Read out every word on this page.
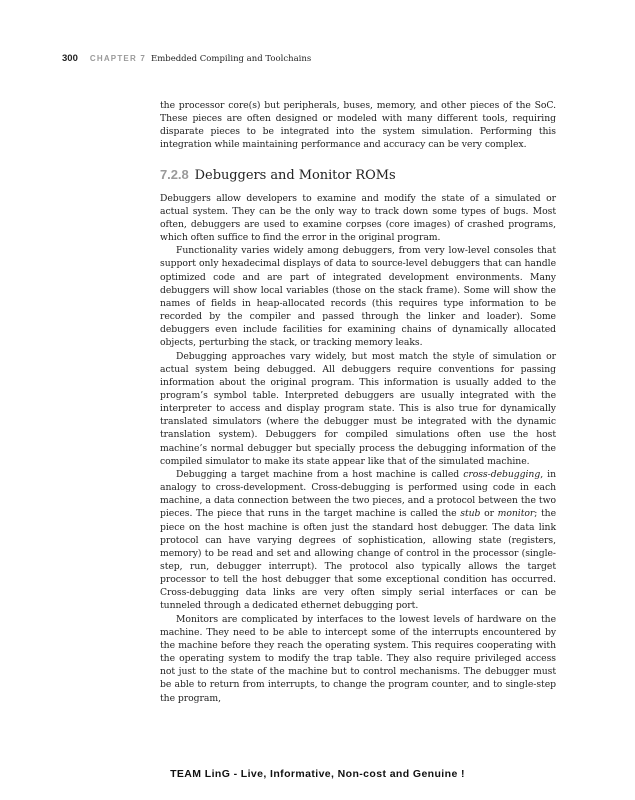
300 CHAPTER 7 Embedded Compiling and Toolchains

the processor core(s) but peripherals, buses, memory, and other pieces of the SoC. These pieces are often designed or modeled with many different tools, requiring disparate pieces to be integrated into the system simulation. Performing this integration while maintaining performance and accuracy can be very complex.

7.2.8 Debuggers and Monitor ROMs

Debuggers allow developers to examine and modify the state of a simulated or actual system. They can be the only way to track down some types of bugs. Most often, debuggers are used to examine corpses (core images) of crashed programs, which often suffice to find the error in the original program.

Functionality varies widely among debuggers, from very low-level consoles that support only hexadecimal displays of data to source-level debuggers that can handle optimized code and are part of integrated development environments. Many debuggers will show local variables (those on the stack frame). Some will show the names of fields in heap-allocated records (this requires type information to be recorded by the compiler and passed through the linker and loader). Some debuggers even include facilities for examining chains of dynamically allocated objects, perturbing the stack, or tracking memory leaks.

Debugging approaches vary widely, but most match the style of simulation or actual system being debugged. All debuggers require conventions for passing information about the original program. This information is usually added to the program’s symbol table. Interpreted debuggers are usually integrated with the interpreter to access and display program state. This is also true for dynamically translated simulators (where the debugger must be integrated with the dynamic translation system). Debuggers for compiled simulations often use the host machine’s normal debugger but specially process the debugging information of the compiled simulator to make its state appear like that of the simulated machine.

Debugging a target machine from a host machine is called cross-debugging, in analogy to cross-development. Cross-debugging is performed using code in each machine, a data connection between the two pieces, and a protocol between the two pieces. The piece that runs in the target machine is called the stub or monitor; the piece on the host machine is often just the standard host debugger. The data link protocol can have varying degrees of sophistication, allowing state (registers, memory) to be read and set and allowing change of control in the processor (single-step, run, debugger interrupt). The protocol also typically allows the target processor to tell the host debugger that some exceptional condition has occurred. Cross-debugging data links are very often simply serial interfaces or can be tunneled through a dedicated ethernet debugging port.

Monitors are complicated by interfaces to the lowest levels of hardware on the machine. They need to be able to intercept some of the interrupts encountered by the machine before they reach the operating system. This requires cooperating with the operating system to modify the trap table. They also require privileged access not just to the state of the machine but to control mechanisms. The debugger must be able to return from interrupts, to change the program counter, and to single-step the program,

TEAM LinG - Live, Informative, Non-cost and Genuine !
